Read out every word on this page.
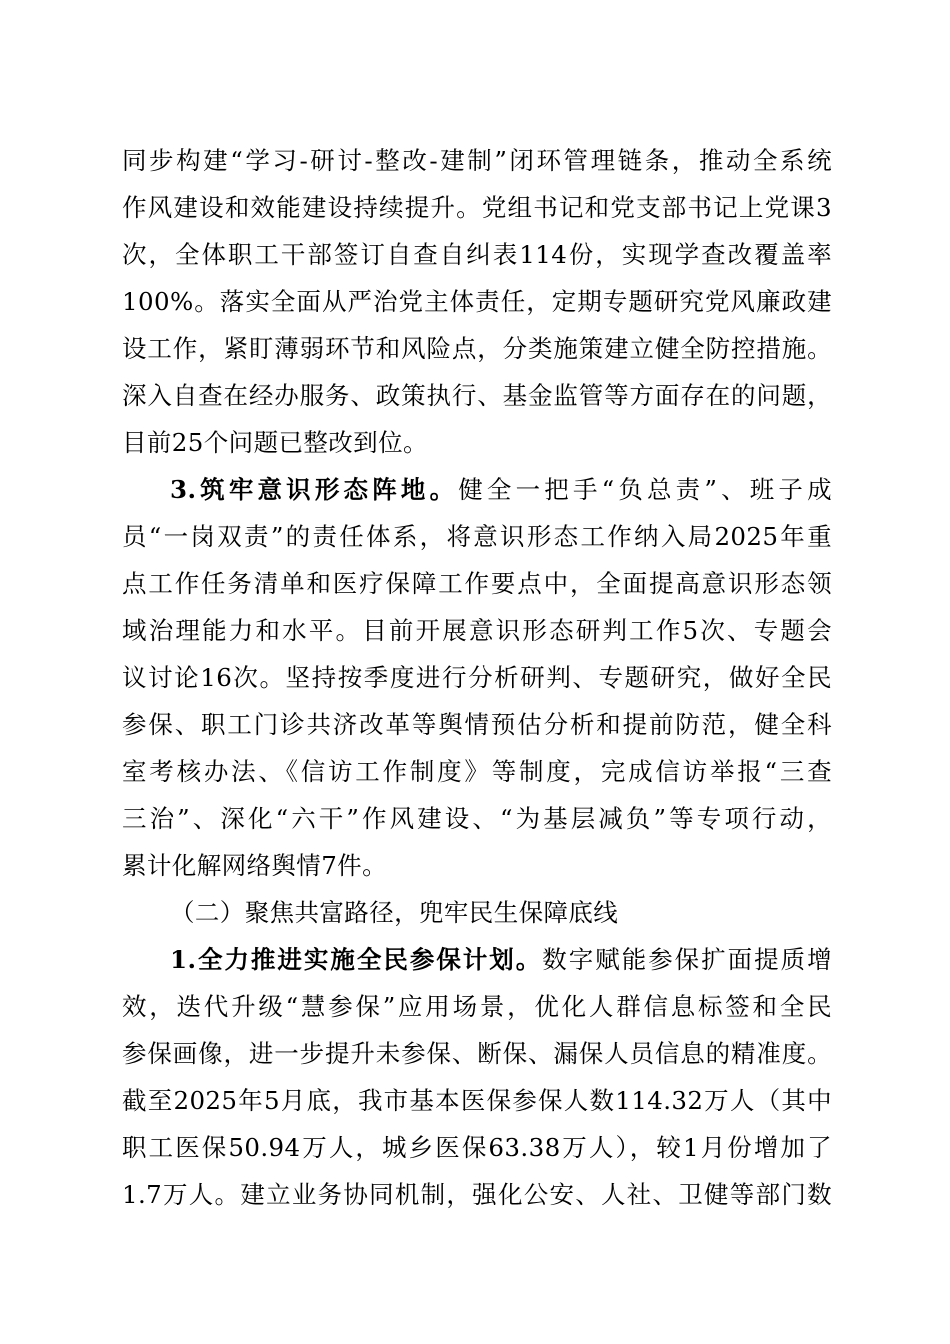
同步构建“学习-研讨-整改-建制”闭环管理链条，推动全系统
作风建设和效能建设持续提升。党组书记和党支部书记上党课3
次，全体职工干部签订自查自纠表114份，实现学查改覆盖率
100%。落实全面从严治党主体责任，定期专题研究党风廉政建
设工作，紧盯薄弱环节和风险点，分类施策建立健全防控措施。
深入自查在经办服务、政策执行、基金监管等方面存在的问题，
目前25个问题已整改到位。
3.筑牢意识形态阵地。健全一把手“负总责”、班子成
员“一岗双责”的责任体系，将意识形态工作纳入局2025年重
点工作任务清单和医疗保障工作要点中，全面提高意识形态领
域治理能力和水平。目前开展意识形态研判工作5次、专题会
议讨论16次。坚持按季度进行分析研判、专题研究，做好全民
参保、职工门诊共济改革等舆情预估分析和提前防范，健全科
室考核办法、《信访工作制度》等制度，完成信访举报“三查
三治”、深化“六干”作风建设、“为基层减负”等专项行动，
累计化解网络舆情7件。
（二）聚焦共富路径，兜牢民生保障底线
1.全力推进实施全民参保计划。数字赋能参保扩面提质增
效，迭代升级“慧参保”应用场景，优化人群信息标签和全民
参保画像，进一步提升未参保、断保、漏保人员信息的精准度。
截至2025年5月底，我市基本医保参保人数114.32万人（其中
职工医保50.94万人，城乡医保63.38万人），较1月份增加了
1.7万人。建立业务协同机制，强化公安、人社、卫健等部门数
